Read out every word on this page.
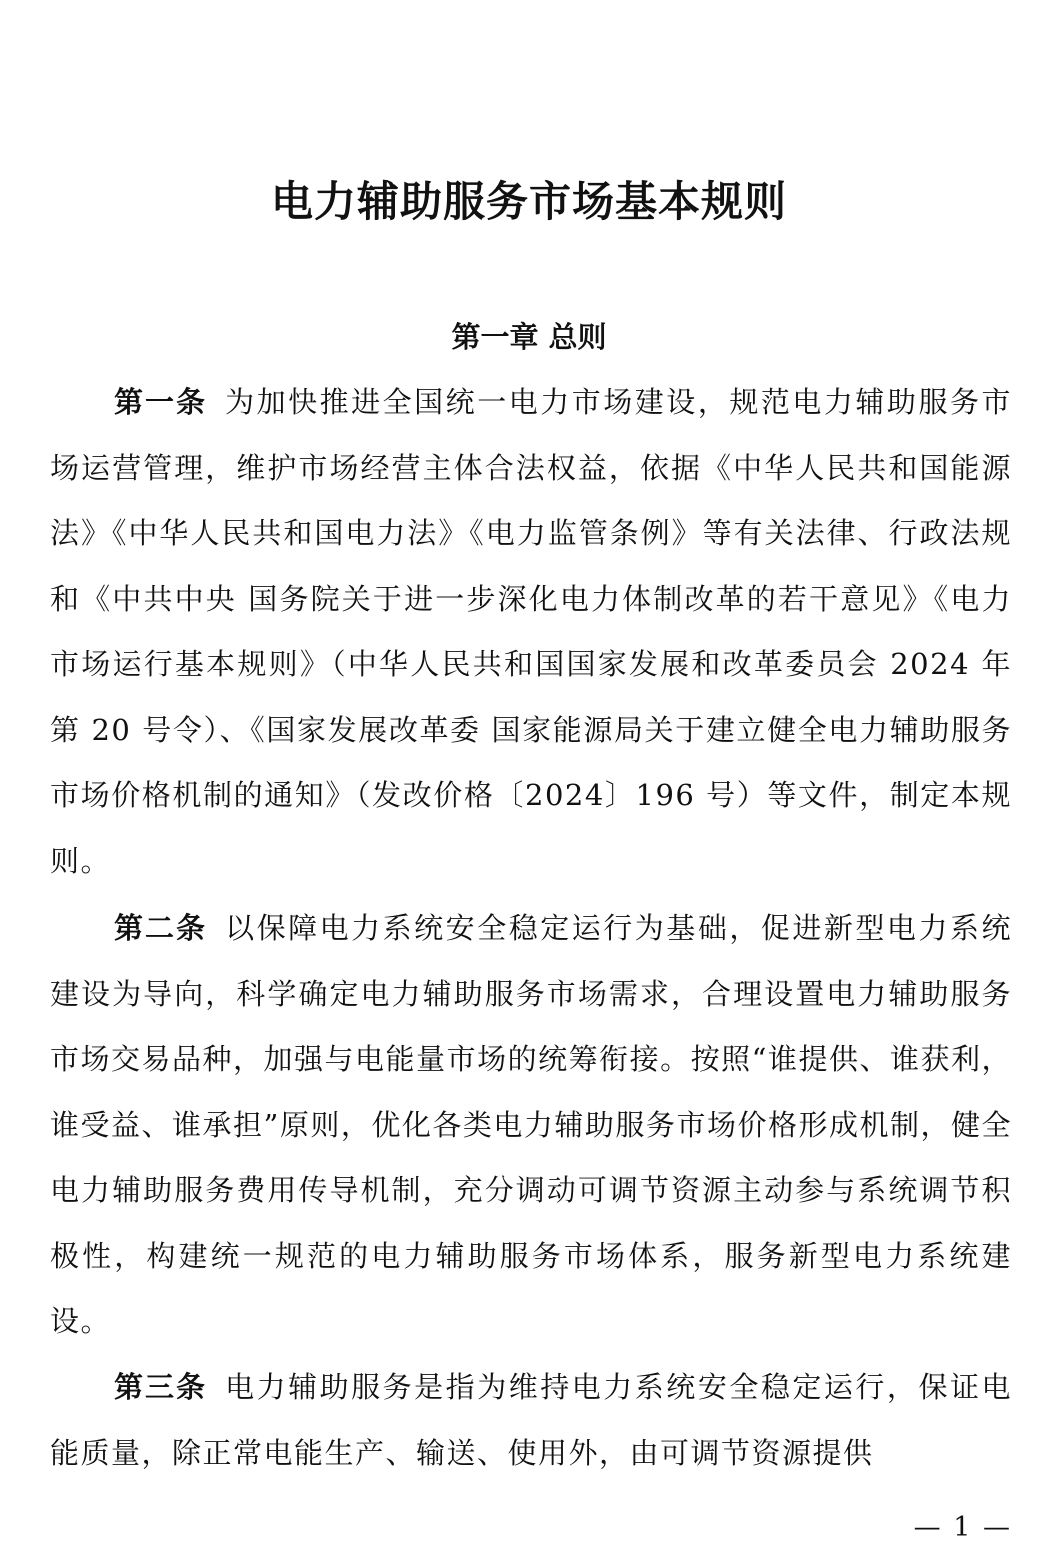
电力辅助服务市场基本规则
第一章 总则

第一条 为加快推进全国统一电力市场建设，规范电力辅助服务市场运营管理，维护市场经营主体合法权益，依据《中华人民共和国能源法》《中华人民共和国电力法》《电力监管条例》等有关法律、行政法规和《中共中央 国务院关于进一步深化电力体制改革的若干意见》《电力市场运行基本规则》（中华人民共和国国家发展和改革委员会 2024 年第 20 号令）、《国家发展改革委 国家能源局关于建立健全电力辅助服务市场价格机制的通知》（发改价格〔2024〕196 号）等文件，制定本规则。

第二条 以保障电力系统安全稳定运行为基础，促进新型电力系统建设为导向，科学确定电力辅助服务市场需求，合理设置电力辅助服务市场交易品种，加强与电能量市场的统筹衔接。按照“谁提供、谁获利，谁受益、谁承担”原则，优化各类电力辅助服务市场价格形成机制，健全电力辅助服务费用传导机制，充分调动可调节资源主动参与系统调节积极性，构建统一规范的电力辅助服务市场体系，服务新型电力系统建设。

第三条 电力辅助服务是指为维持电力系统安全稳定运行，保证电能质量，除正常电能生产、输送、使用外，由可调节资源提供

— 1 —
